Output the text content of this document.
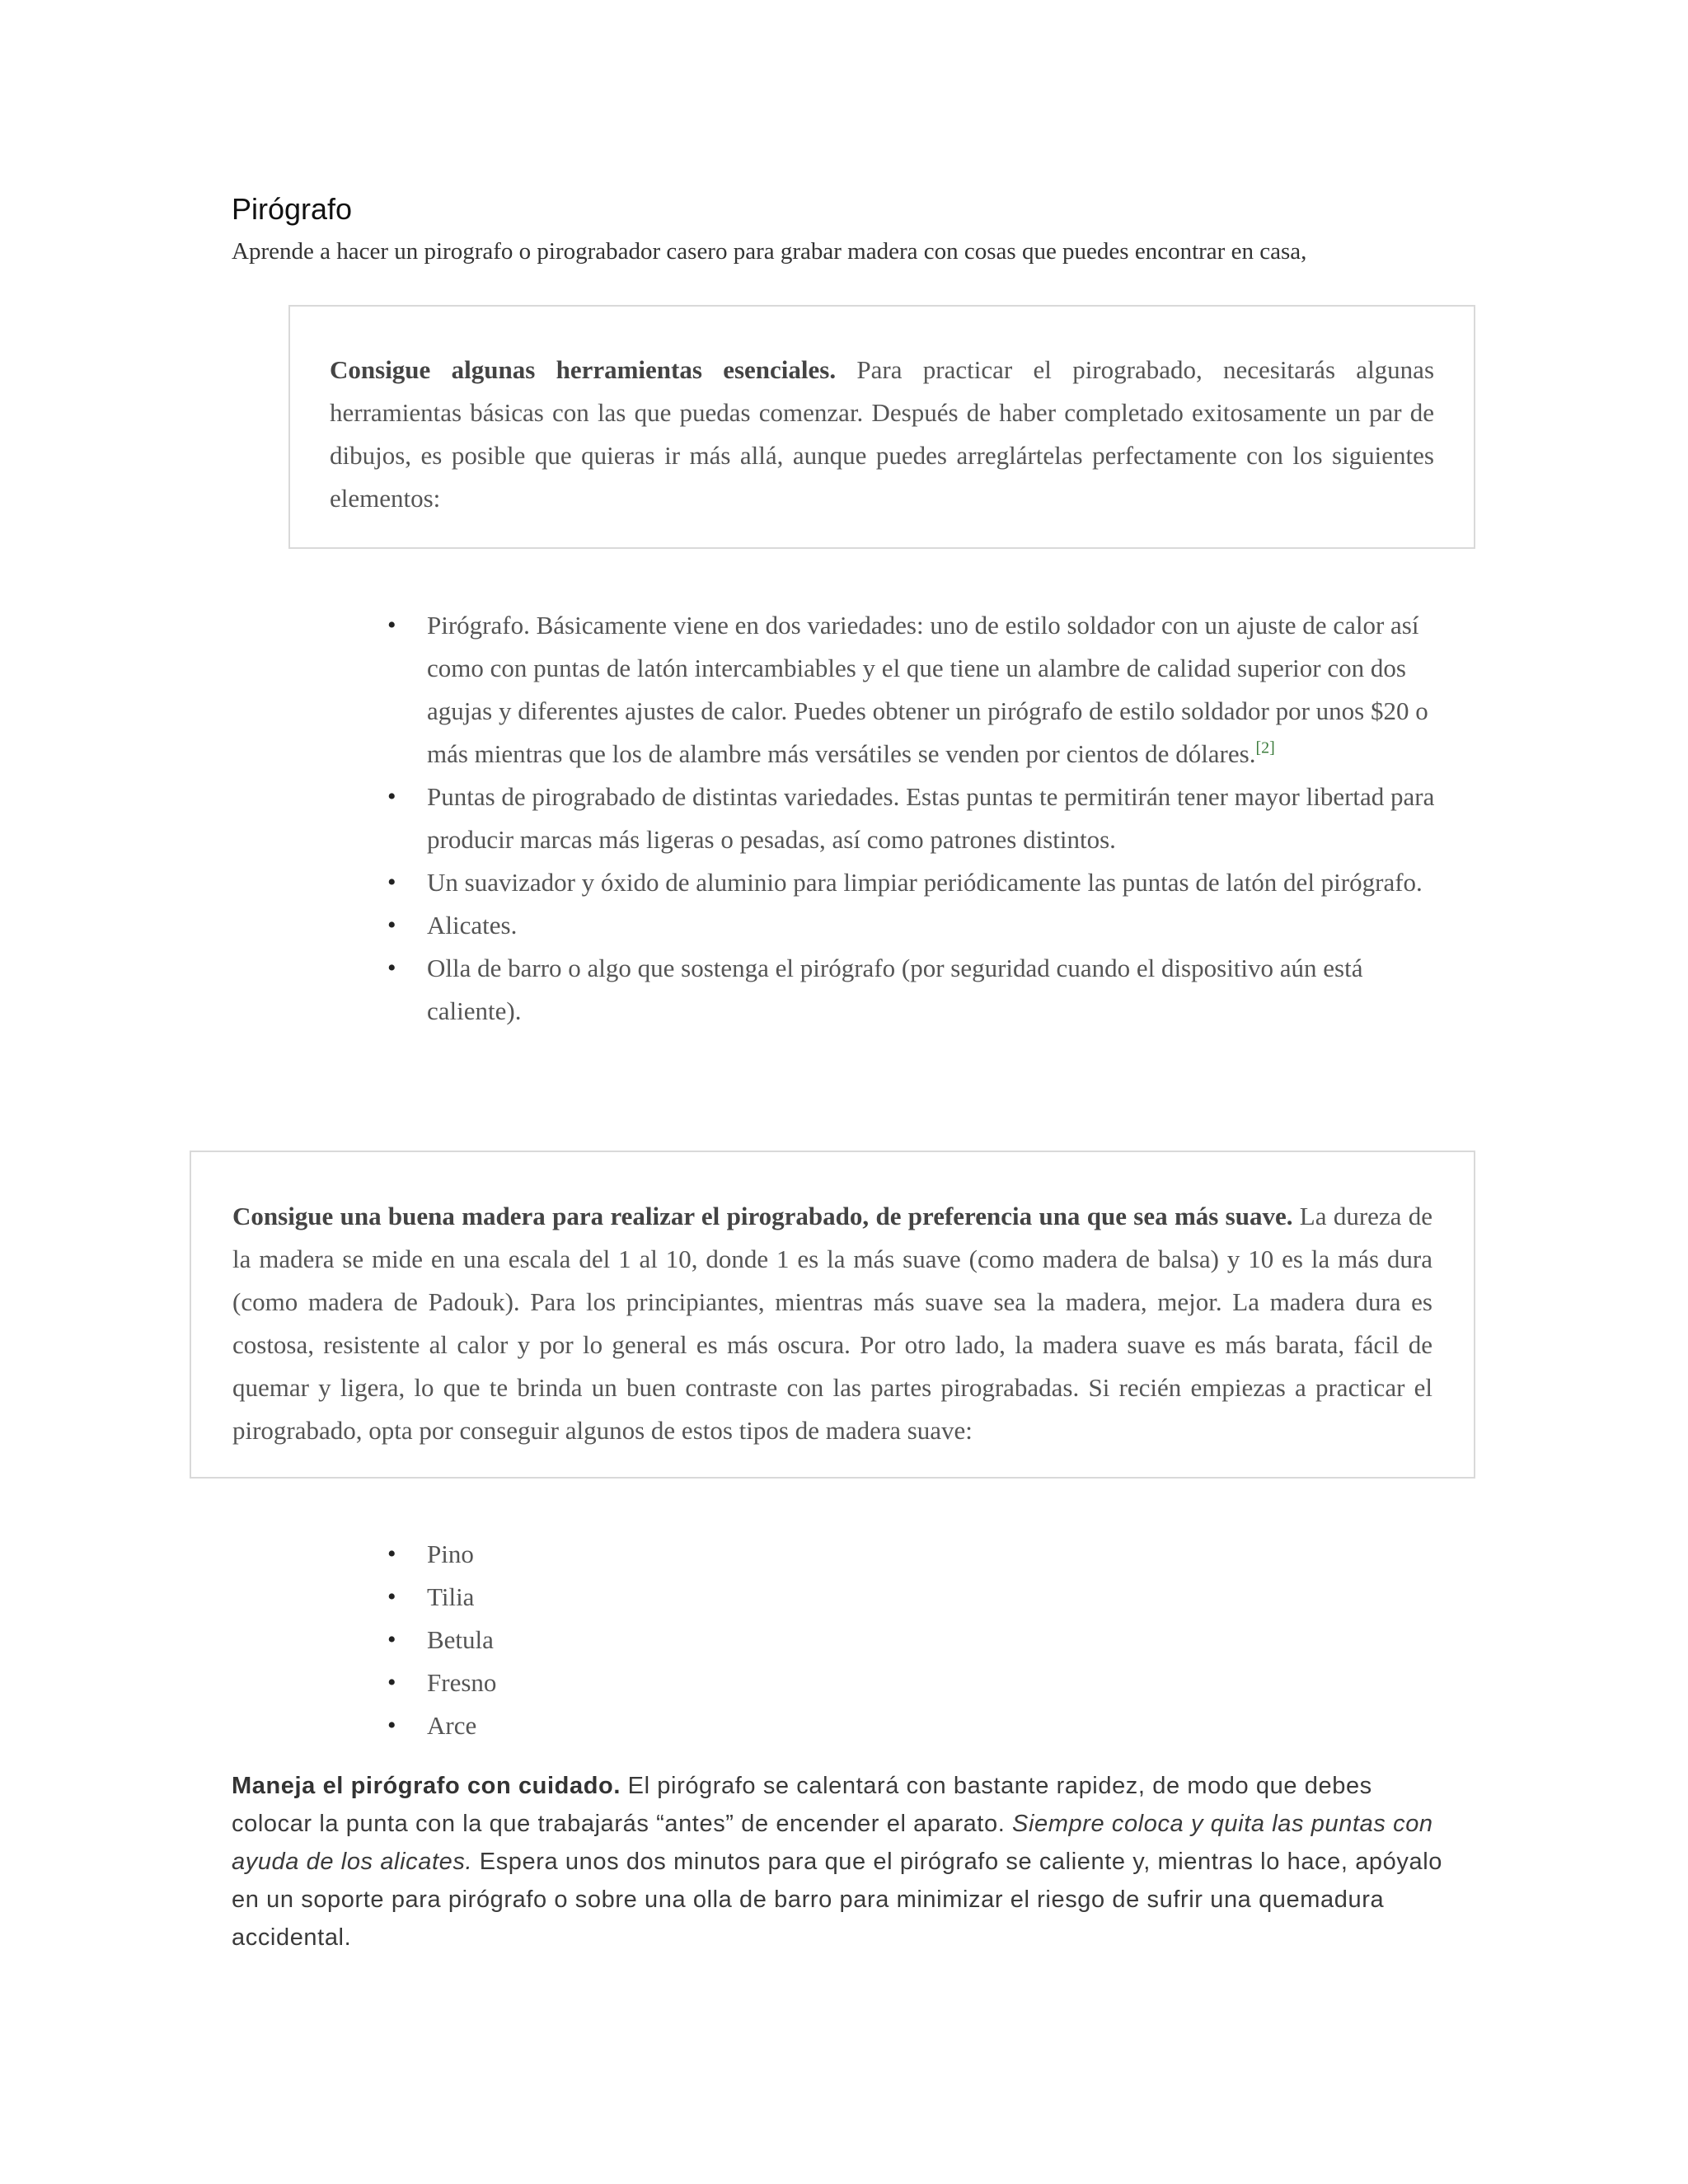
Pirógrafo
Aprende a hacer un pirografo o pirograbador casero para grabar madera con cosas que puedes encontrar en casa,

Consigue algunas herramientas esenciales. Para practicar el pirograbado, necesitarás algunas herramientas básicas con las que puedas comenzar. Después de haber completado exitosamente un par de dibujos, es posible que quieras ir más allá, aunque puedes arreglártelas perfectamente con los siguientes elementos:

• Pirógrafo. Básicamente viene en dos variedades: uno de estilo soldador con un ajuste de calor así como con puntas de latón intercambiables y el que tiene un alambre de calidad superior con dos agujas y diferentes ajustes de calor. Puedes obtener un pirógrafo de estilo soldador por unos $20 o más mientras que los de alambre más versátiles se venden por cientos de dólares.[2]
• Puntas de pirograbado de distintas variedades. Estas puntas te permitirán tener mayor libertad para producir marcas más ligeras o pesadas, así como patrones distintos.
• Un suavizador y óxido de aluminio para limpiar periódicamente las puntas de latón del pirógrafo.
• Alicates.
• Olla de barro o algo que sostenga el pirógrafo (por seguridad cuando el dispositivo aún está caliente).

Consigue una buena madera para realizar el pirograbado, de preferencia una que sea más suave. La dureza de la madera se mide en una escala del 1 al 10, donde 1 es la más suave (como madera de balsa) y 10 es la más dura (como madera de Padouk). Para los principiantes, mientras más suave sea la madera, mejor. La madera dura es costosa, resistente al calor y por lo general es más oscura. Por otro lado, la madera suave es más barata, fácil de quemar y ligera, lo que te brinda un buen contraste con las partes pirograbadas. Si recién empiezas a practicar el pirograbado, opta por conseguir algunos de estos tipos de madera suave:

• Pino
• Tilia
• Betula
• Fresno
• Arce

Maneja el pirógrafo con cuidado. El pirógrafo se calentará con bastante rapidez, de modo que debes colocar la punta con la que trabajarás “antes” de encender el aparato. Siempre coloca y quita las puntas con ayuda de los alicates. Espera unos dos minutos para que el pirógrafo se caliente y, mientras lo hace, apóyalo en un soporte para pirógrafo o sobre una olla de barro para minimizar el riesgo de sufrir una quemadura accidental.
